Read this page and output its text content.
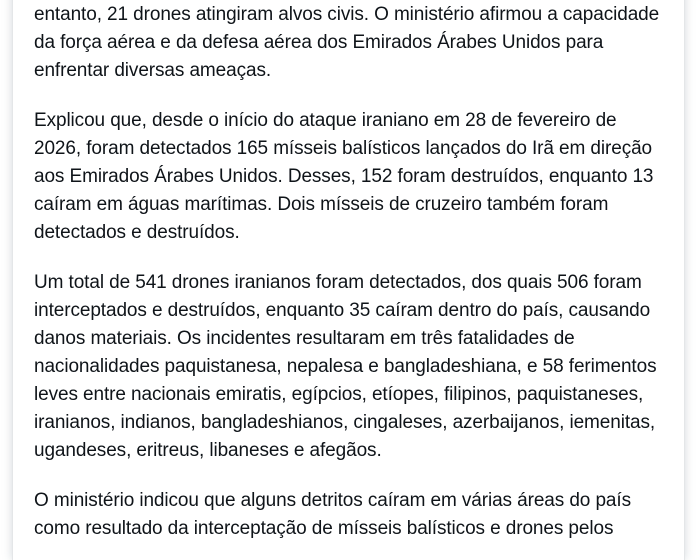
entanto, 21 drones atingiram alvos civis. O ministério afirmou a capacidade da força aérea e da defesa aérea dos Emirados Árabes Unidos para enfrentar diversas ameaças.

Explicou que, desde o início do ataque iraniano em 28 de fevereiro de 2026, foram detectados 165 mísseis balísticos lançados do Irã em direção aos Emirados Árabes Unidos. Desses, 152 foram destruídos, enquanto 13 caíram em águas marítimas. Dois mísseis de cruzeiro também foram detectados e destruídos.

Um total de 541 drones iranianos foram detectados, dos quais 506 foram interceptados e destruídos, enquanto 35 caíram dentro do país, causando danos materiais. Os incidentes resultaram em três fatalidades de nacionalidades paquistanesa, nepalesa e bangladeshiana, e 58 ferimentos leves entre nacionais emiratis, egípcios, etíopes, filipinos, paquistaneses, iranianos, indianos, bangladeshianos, cingaleses, azerbaijanos, iemenitas, ugandeses, eritreus, libaneses e afegãos.

O ministério indicou que alguns detritos caíram em várias áreas do país como resultado da interceptação de mísseis balísticos e drones pelos
